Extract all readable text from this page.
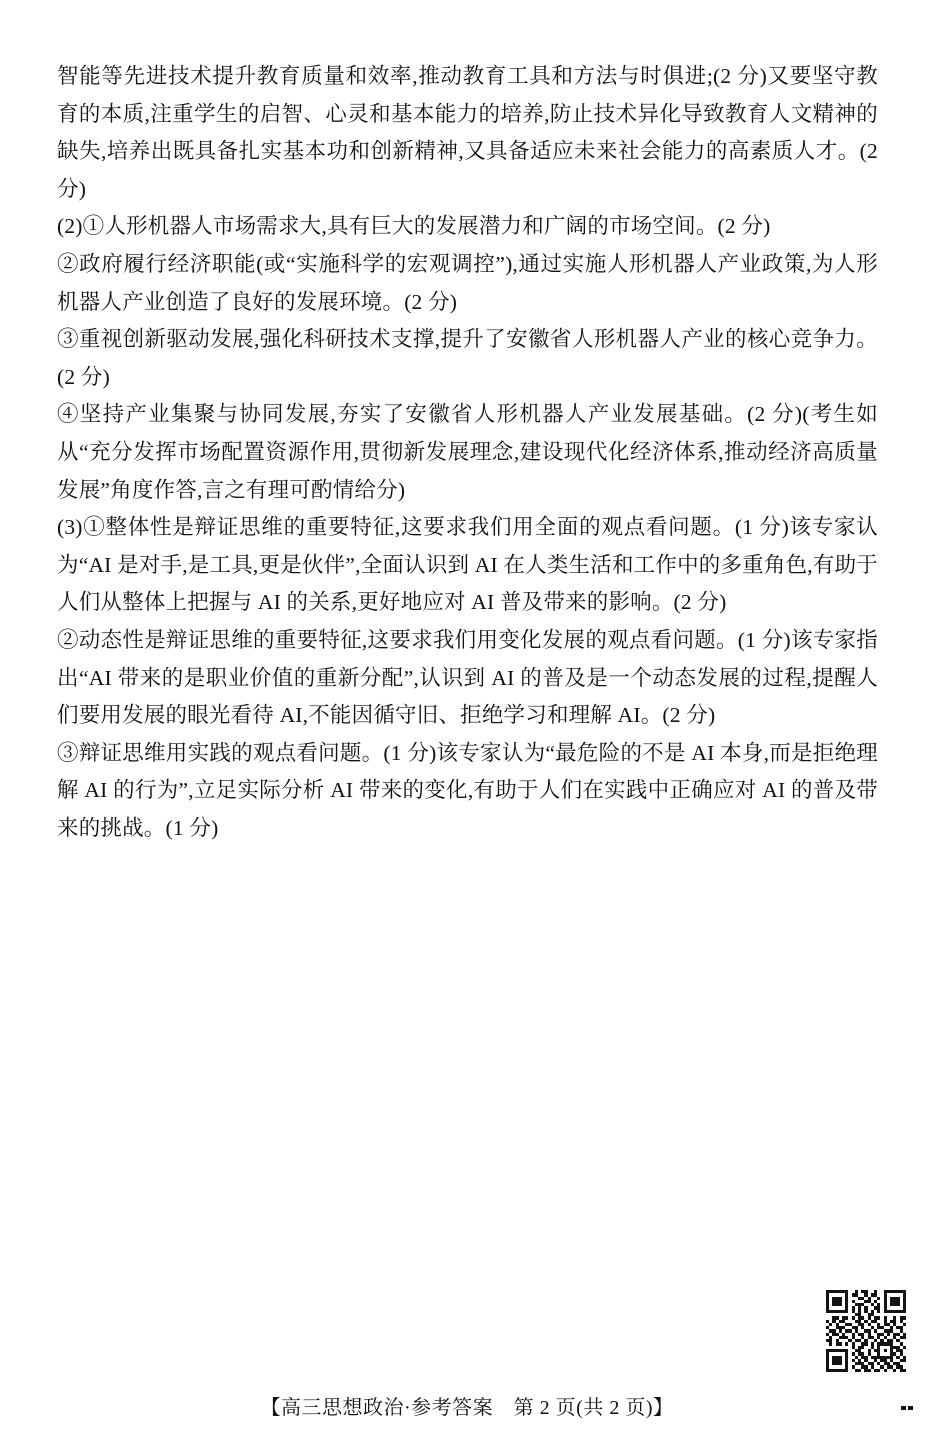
智能等先进技术提升教育质量和效率,推动教育工具和方法与时俱进;(2 分)又要坚守教育的本质,注重学生的启智、心灵和基本能力的培养,防止技术异化导致教育人文精神的缺失,培养出既具备扎实基本功和创新精神,又具备适应未来社会能力的高素质人才。(2 分)

(2)①人形机器人市场需求大,具有巨大的发展潜力和广阔的市场空间。(2 分)

②政府履行经济职能(或“实施科学的宏观调控”),通过实施人形机器人产业政策,为人形机器人产业创造了良好的发展环境。(2 分)

③重视创新驱动发展,强化科研技术支撑,提升了安徽省人形机器人产业的核心竞争力。(2 分)

④坚持产业集聚与协同发展,夯实了安徽省人形机器人产业发展基础。(2 分)(考生如从“充分发挥市场配置资源作用,贯彻新发展理念,建设现代化经济体系,推动经济高质量发展”角度作答,言之有理可酌情给分)

(3)①整体性是辩证思维的重要特征,这要求我们用全面的观点看问题。(1 分)该专家认为“AI 是对手,是工具,更是伙伴”,全面认识到 AI 在人类生活和工作中的多重角色,有助于人们从整体上把握与 AI 的关系,更好地应对 AI 普及带来的影响。(2 分)

②动态性是辩证思维的重要特征,这要求我们用变化发展的观点看问题。(1 分)该专家指出“AI 带来的是职业价值的重新分配”,认识到 AI 的普及是一个动态发展的过程,提醒人们要用发展的眼光看待 AI,不能因循守旧、拒绝学习和理解 AI。(2 分)

③辩证思维用实践的观点看问题。(1 分)该专家认为“最危险的不是 AI 本身,而是拒绝理解 AI 的行为”,立足实际分析 AI 带来的变化,有助于人们在实践中正确应对 AI 的普及带来的挑战。(1 分)

【高三思想政治·参考答案　第 2 页(共 2 页)】
